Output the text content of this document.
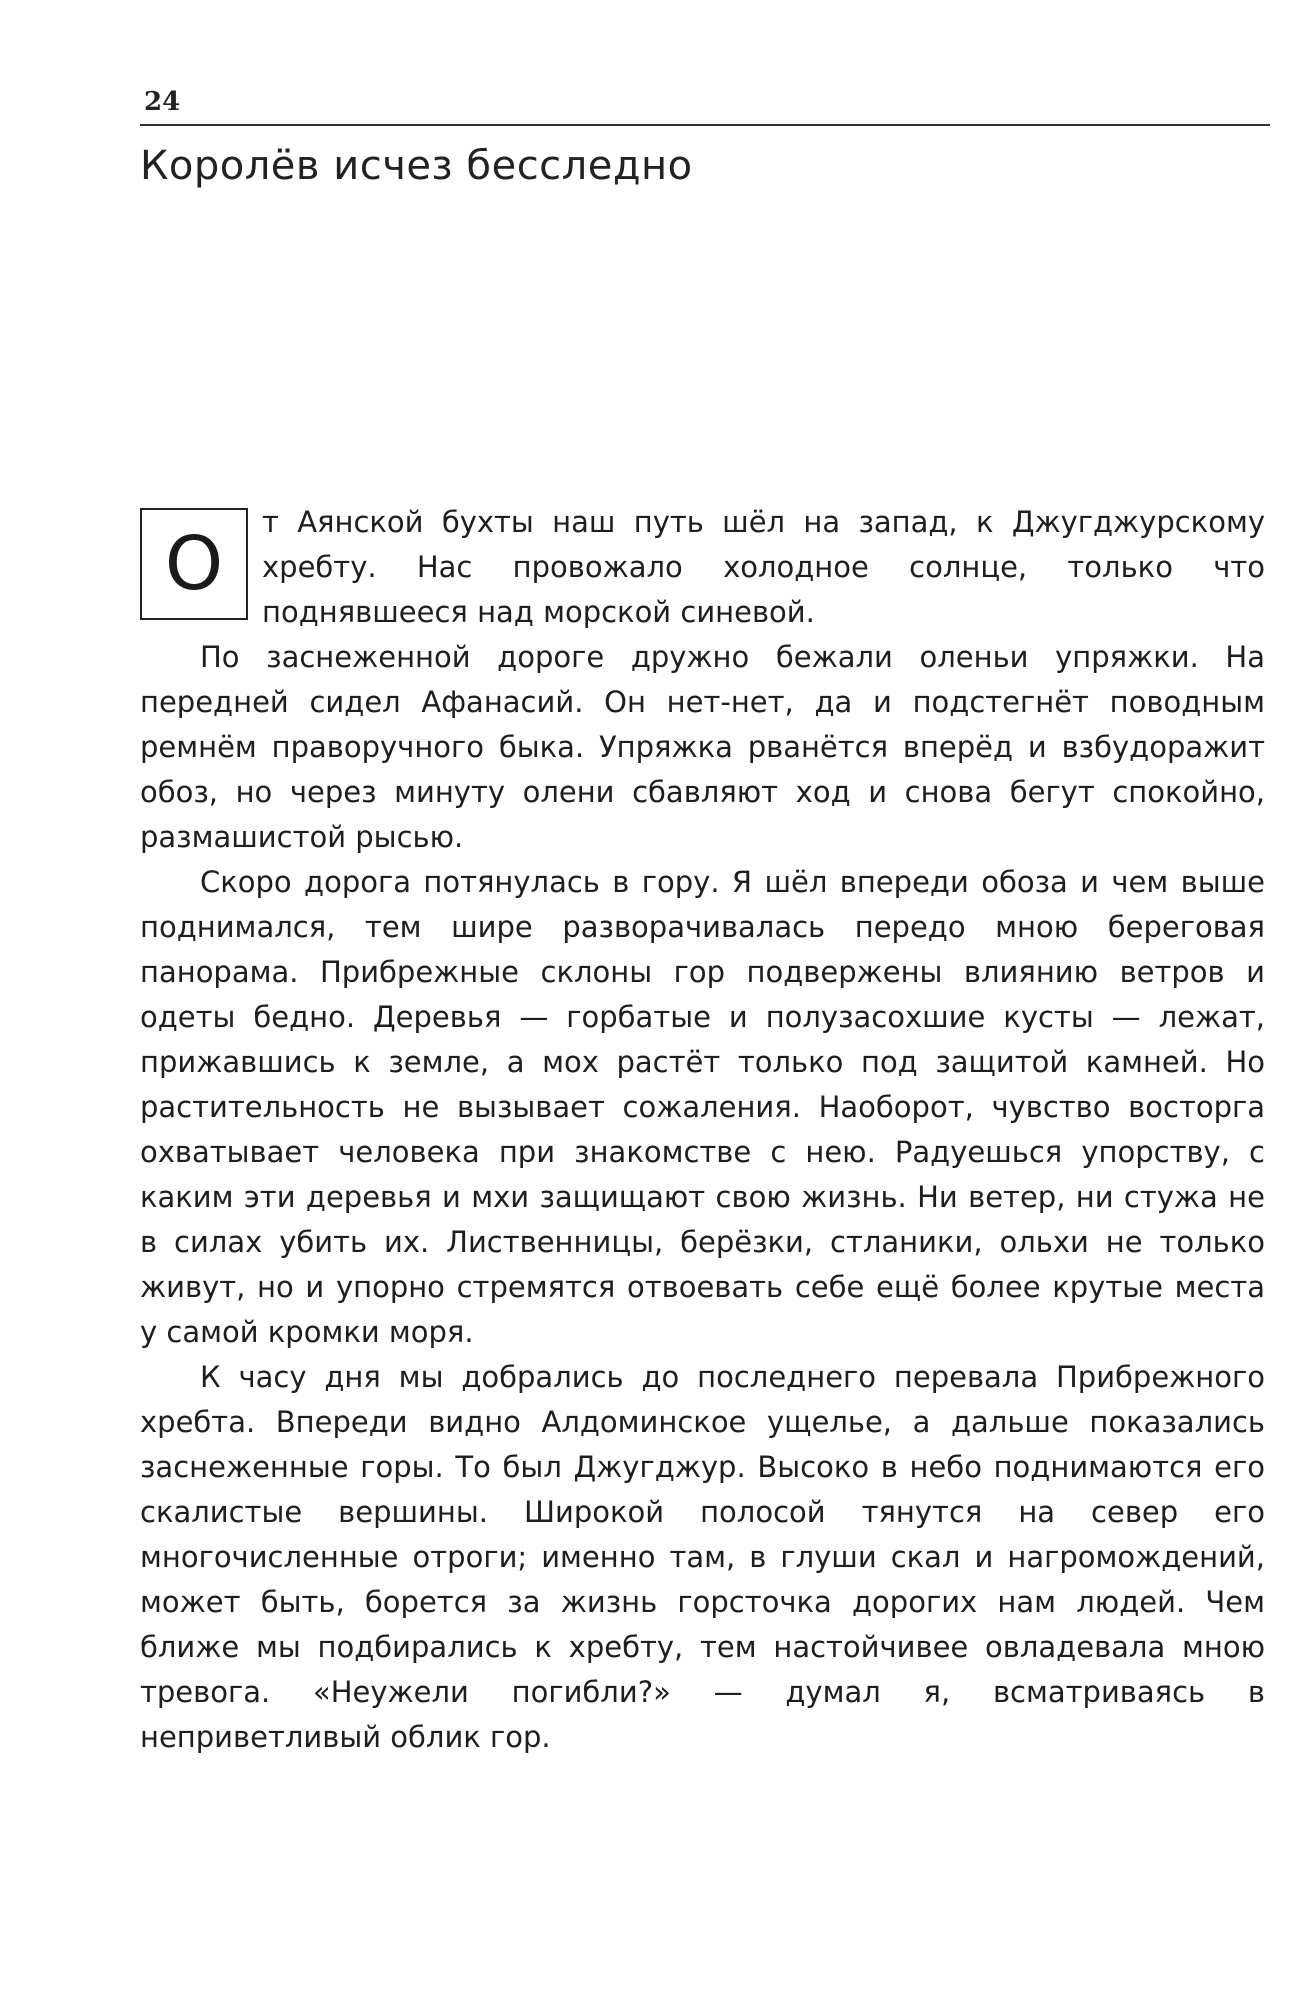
24
Королёв исчез бесследно

О	т Аянской бухты наш путь шёл на запад, к Джугджурскому хребту. Нас провожало холодное солнце, только что поднявшееся над морской синевой.

По заснеженной дороге дружно бежали оленьи упряжки. На передней сидел Афанасий. Он нет-нет, да и подстегнёт поводным ремнём праворучного быка. Упряжка рванётся вперёд и взбудоражит обоз, но через минуту олени сбавляют ход и снова бегут спокойно, размашистой рысью.

Скоро дорога потянулась в гору. Я шёл впереди обоза и чем выше поднимался, тем шире разворачивалась передо мною береговая панорама. Прибрежные склоны гор подвержены влиянию ветров и одеты бедно. Деревья — горбатые и полузасохшие кусты — лежат, прижавшись к земле, а мох растёт только под защитой камней. Но растительность не вызывает сожаления. Наоборот, чувство восторга охватывает человека при знакомстве с нею. Радуешься упорству, с каким эти деревья и мхи защищают свою жизнь. Ни ветер, ни стужа не в силах убить их. Лиственницы, берёзки, стланики, ольхи не только живут, но и упорно стремятся отвоевать себе ещё более крутые места у самой кромки моря.

К часу дня мы добрались до последнего перевала Прибрежного хребта. Впереди видно Алдоминское ущелье, а дальше показались заснеженные горы. То был Джугджур. Высоко в небо поднимаются его скалистые вершины. Широкой полосой тянутся на север его многочисленные отроги; именно там, в глуши скал и нагромождений, может быть, борется за жизнь горсточка дорогих нам людей. Чем ближе мы подбирались к хребту, тем настойчивее овладевала мною тревога. «Неужели погибли?» — думал я, всматриваясь в неприветливый облик гор.
